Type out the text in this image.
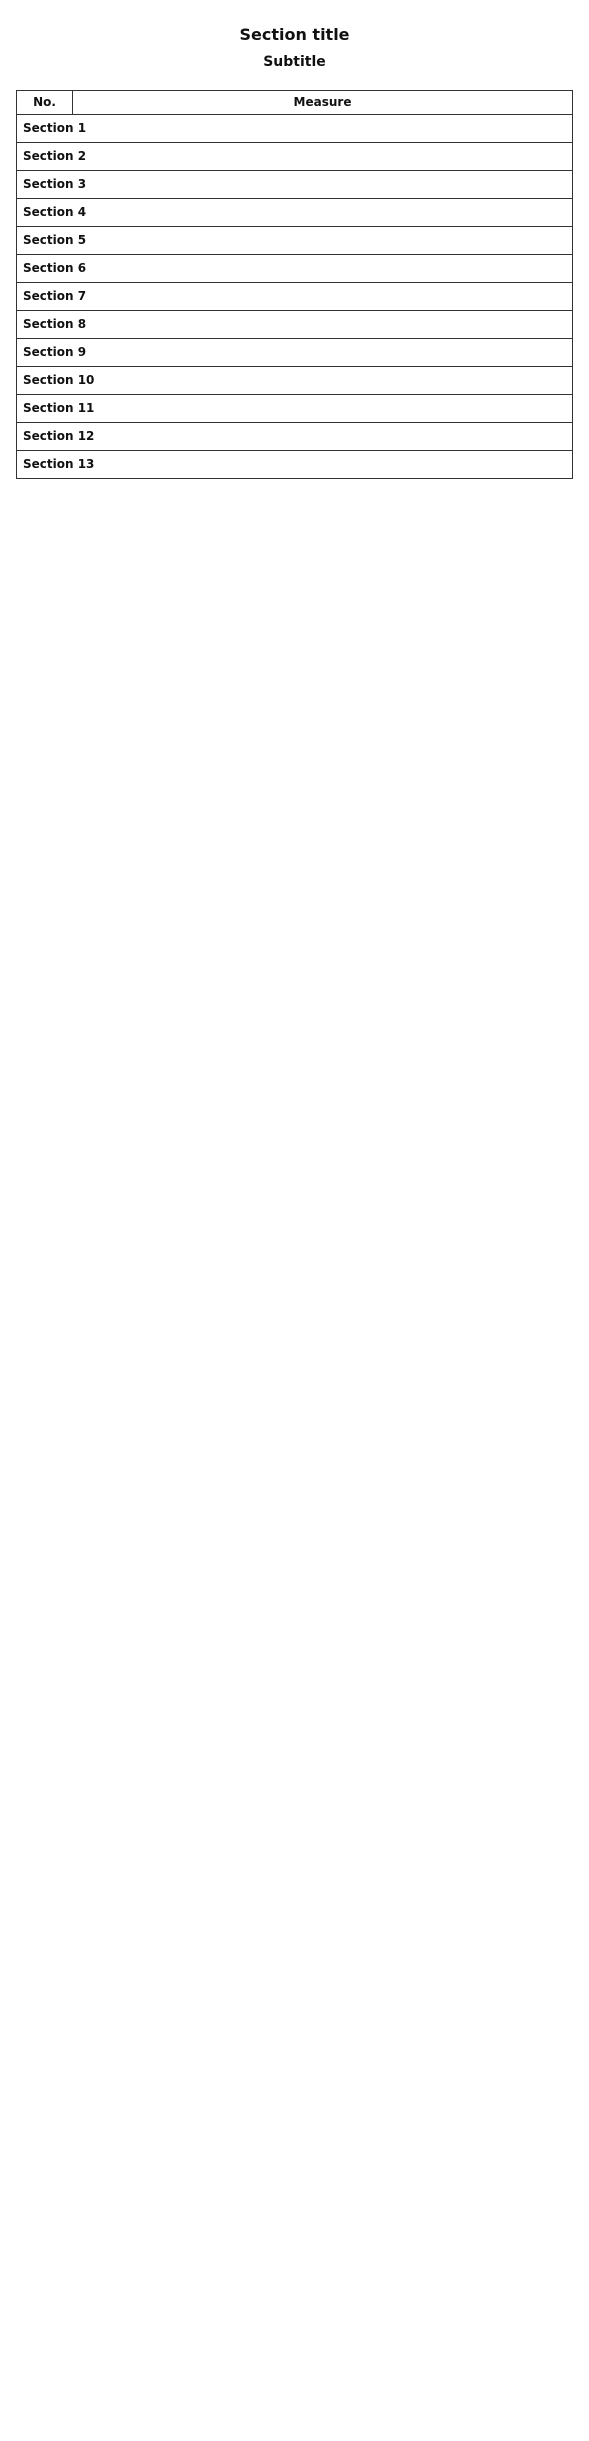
Section title
Subtitle
No.	Measure
Section 1
Section 2
Section 3
Section 4
Section 5
Section 6
Section 7
Section 8
Section 9
Section 10
Section 11
Section 12
Section 13
